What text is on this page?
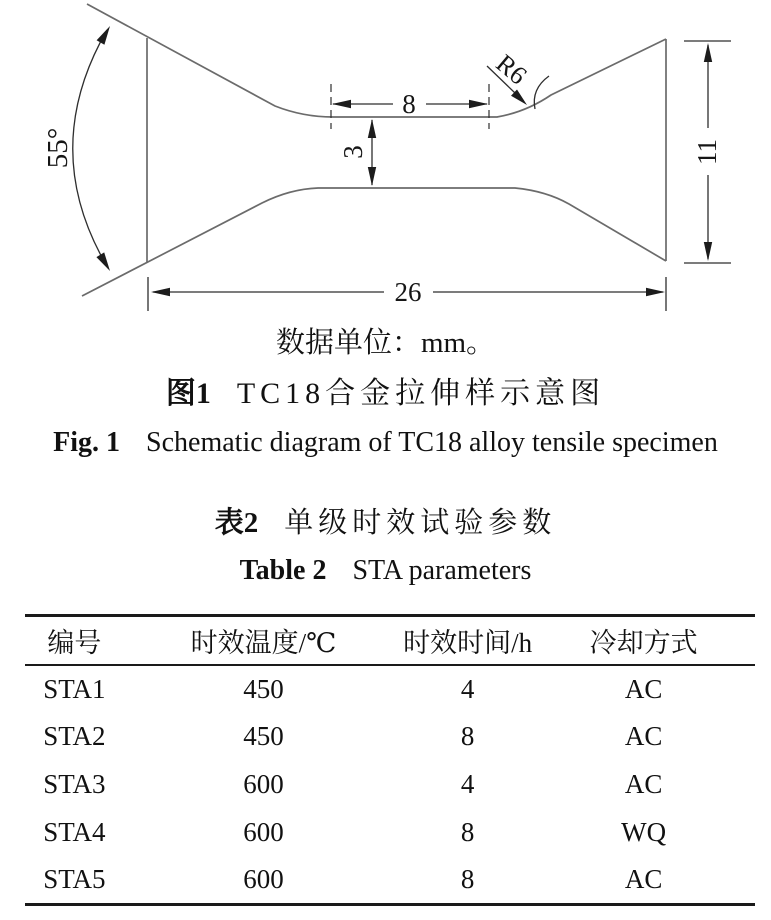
55°
8
3
R6
11
26
数据单位：mm。
图1 TC18合金拉伸样示意图
Fig. 1 Schematic diagram of TC18 alloy tensile specimen
表2 单级时效试验参数
Table 2 STA parameters
编号	时效温度/℃	时效时间/h	冷却方式
STA1	450	4	AC
STA2	450	8	AC
STA3	600	4	AC
STA4	600	8	WQ
STA5	600	8	AC
